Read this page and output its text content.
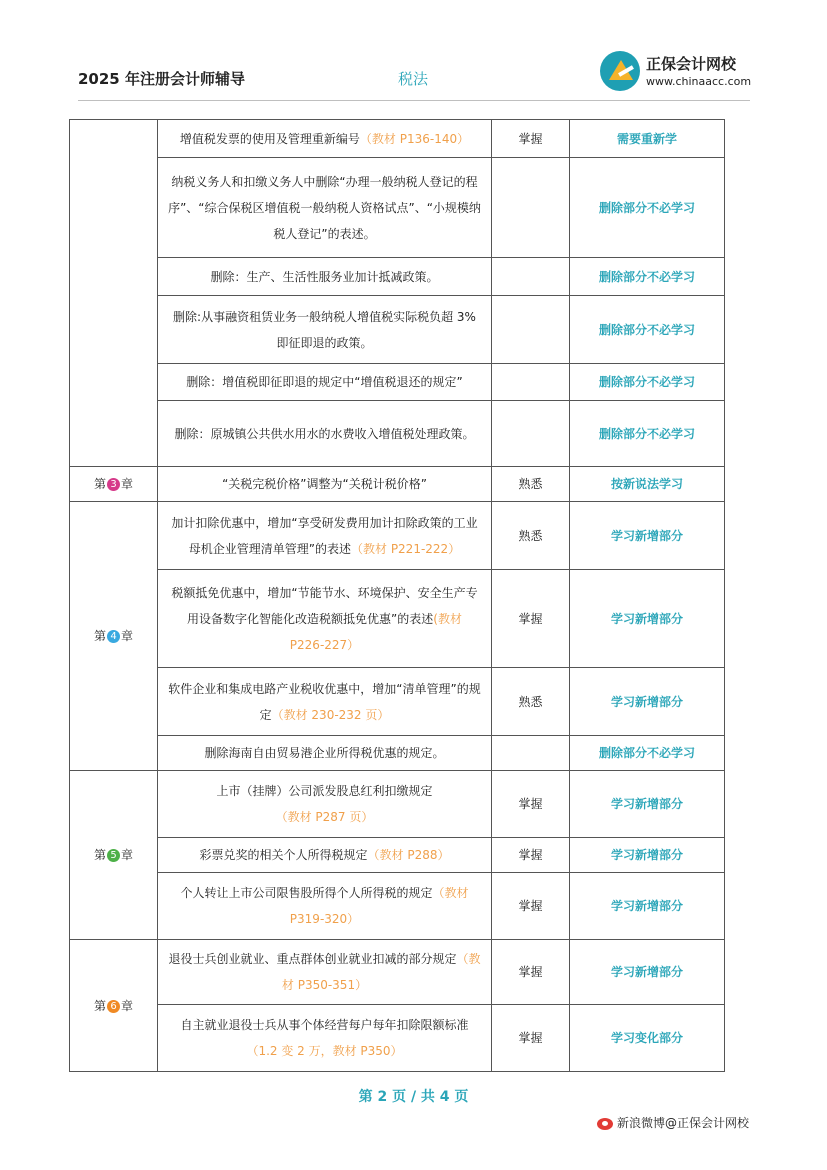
2025 年注册会计师辅导	税法
正保会计网校
www.chinaacc.com
	增值税发票的使用及管理重新编号（教材 P136-140）	掌握	需要重新学
	纳税义务人和扣缴义务人中删除“办理一般纳税人登记的程序”、“综合保税区增值税一般纳税人资格试点”、“小规模纳税人登记”的表述。		删除部分不必学习
	删除：生产、生活性服务业加计抵减政策。		删除部分不必学习
	删除:从事融资租赁业务一般纳税人增值税实际税负超 3%即征即退的政策。		删除部分不必学习
	删除：增值税即征即退的规定中“增值税退还的规定”		删除部分不必学习
	删除：原城镇公共供水用水的水费收入增值税处理政策。		删除部分不必学习
第 3 章	“关税完税价格”调整为“关税计税价格”	熟悉	按新说法学习
第 4 章	加计扣除优惠中，增加“享受研发费用加计扣除政策的工业母机企业管理清单管理”的表述（教材 P221-222）	熟悉	学习新增部分
	税额抵免优惠中，增加“节能节水、环境保护、安全生产专用设备数字化智能化改造税额抵免优惠”的表述(教材 P226-227）	掌握	学习新增部分
	软件企业和集成电路产业税收优惠中，增加“清单管理”的规定（教材 230-232 页）	熟悉	学习新增部分
	删除海南自由贸易港企业所得税优惠的规定。		删除部分不必学习
第 5 章	上市（挂牌）公司派发股息红利扣缴规定（教材 P287 页）	掌握	学习新增部分
	彩票兑奖的相关个人所得税规定（教材 P288）	掌握	学习新增部分
	个人转让上市公司限售股所得个人所得税的规定（教材 P319-320）	掌握	学习新增部分
第 6 章	退役士兵创业就业、重点群体创业就业扣减的部分规定（教材 P350-351）	掌握	学习新增部分
	自主就业退役士兵从事个体经营每户每年扣除限额标准（1.2 变 2 万，教材 P350）	掌握	学习变化部分
第 2 页 / 共 4 页
新浪微博@正保会计网校
